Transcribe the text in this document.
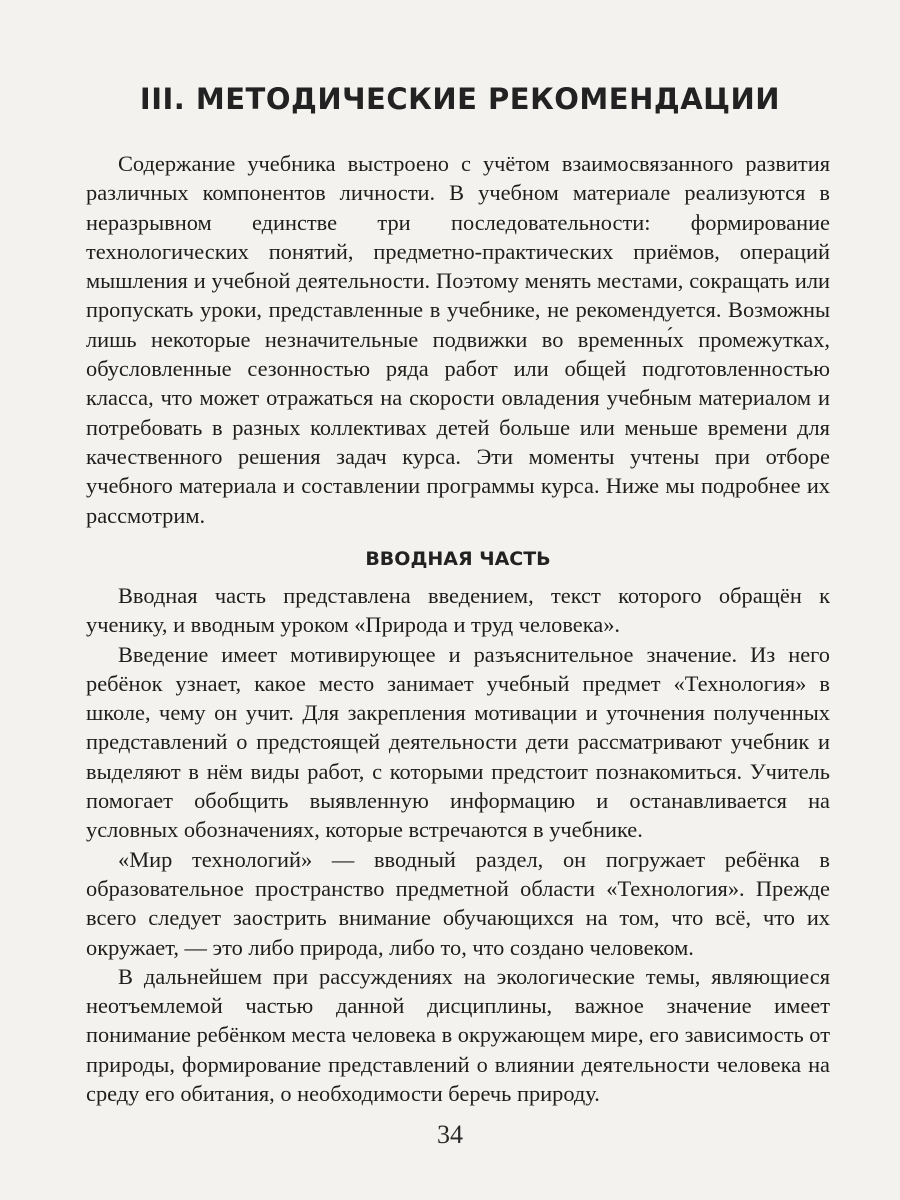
III. МЕТОДИЧЕСКИЕ РЕКОМЕНДАЦИИ

Содержание учебника выстроено с учётом взаимосвязанного развития различных компонентов личности. В учебном материале реализуются в неразрывном единстве три последовательности: формирование технологических понятий, предметно-практических приёмов, операций мышления и учебной деятельности. Поэтому менять местами, сокращать или пропускать уроки, представленные в учебнике, не рекомендуется. Возможны лишь некоторые незначительные подвижки во временны́х промежутках, обусловленные сезонностью ряда работ или общей подготовленностью класса, что может отражаться на скорости овладения учебным материалом и потребовать в разных коллективах детей больше или меньше времени для качественного решения задач курса. Эти моменты учтены при отборе учебного материала и составлении программы курса. Ниже мы подробнее их рассмотрим.

ВВОДНАЯ ЧАСТЬ

Вводная часть представлена введением, текст которого обращён к ученику, и вводным уроком «Природа и труд человека».

Введение имеет мотивирующее и разъяснительное значение. Из него ребёнок узнает, какое место занимает учебный предмет «Технология» в школе, чему он учит. Для закрепления мотивации и уточнения полученных представлений о предстоящей деятельности дети рассматривают учебник и выделяют в нём виды работ, с которыми предстоит познакомиться. Учитель помогает обобщить выявленную информацию и останавливается на условных обозначениях, которые встречаются в учебнике.

«Мир технологий» — вводный раздел, он погружает ребёнка в образовательное пространство предметной области «Технология». Прежде всего следует заострить внимание обучающихся на том, что всё, что их окружает, — это либо природа, либо то, что создано человеком.

В дальнейшем при рассуждениях на экологические темы, являющиеся неотъемлемой частью данной дисциплины, важное значение имеет понимание ребёнком места человека в окружающем мире, его зависимость от природы, формирование представлений о влиянии деятельности человека на среду его обитания, о необходимости беречь природу.

34
